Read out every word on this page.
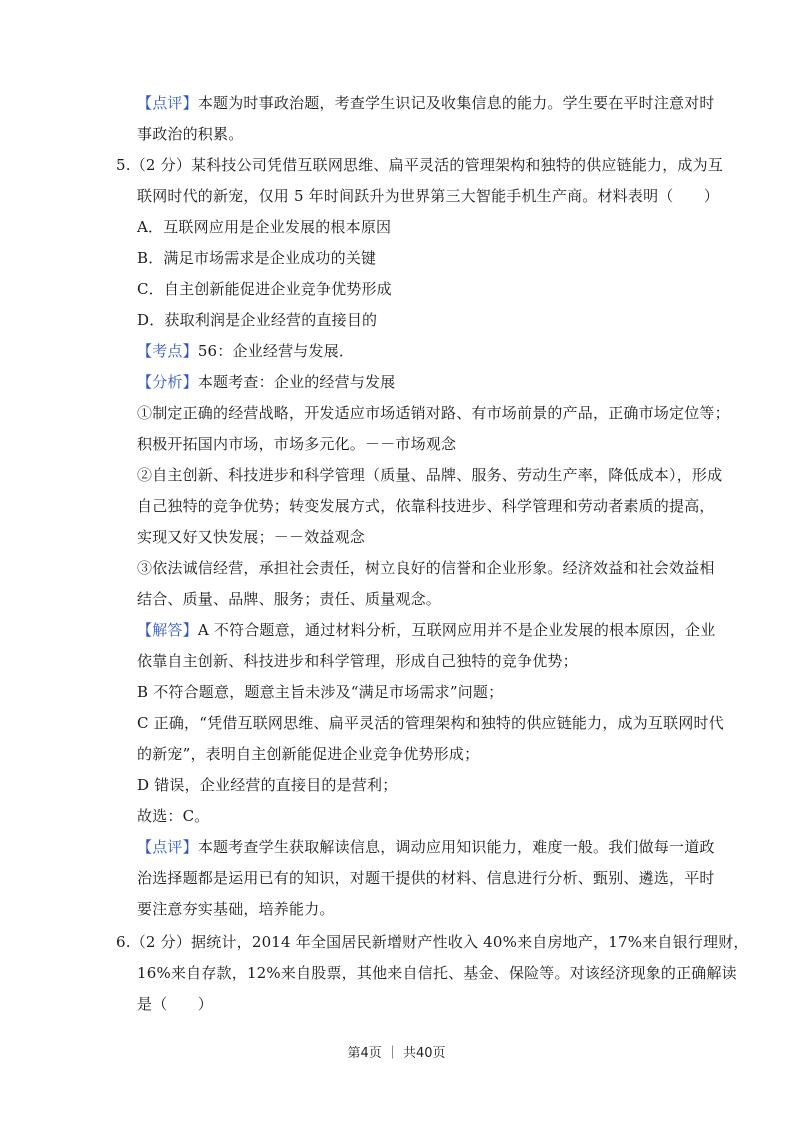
【点评】本题为时事政治题，考查学生识记及收集信息的能力。学生要在平时注意对时
事政治的积累。
5.（2 分）某科技公司凭借互联网思维、扁平灵活的管理架构和独特的供应链能力，成为互
联网时代的新宠，仅用 5 年时间跃升为世界第三大智能手机生产商。材料表明（　　）
A．互联网应用是企业发展的根本原因
B．满足市场需求是企业成功的关键
C．自主创新能促进企业竞争优势形成
D．获取利润是企业经营的直接目的
【考点】56：企业经营与发展．
【分析】本题考查：企业的经营与发展
①制定正确的经营战略，开发适应市场适销对路、有市场前景的产品，正确市场定位等；
积极开拓国内市场，市场多元化。－－市场观念
②自主创新、科技进步和科学管理（质量、品牌、服务、劳动生产率，降低成本），形成
自己独特的竞争优势；转变发展方式，依靠科技进步、科学管理和劳动者素质的提高，
实现又好又快发展；－－效益观念
③依法诚信经营，承担社会责任，树立良好的信誉和企业形象。经济效益和社会效益相
结合、质量、品牌、服务；责任、质量观念。
【解答】A 不符合题意，通过材料分析，互联网应用并不是企业发展的根本原因，企业
依靠自主创新、科技进步和科学管理，形成自己独特的竞争优势；
B 不符合题意，题意主旨未涉及“满足市场需求”问题；
C 正确，“凭借互联网思维、扁平灵活的管理架构和独特的供应链能力，成为互联网时代
的新宠”，表明自主创新能促进企业竞争优势形成；
D 错误，企业经营的直接目的是营利；
故选：C。
【点评】本题考查学生获取解读信息，调动应用知识能力，难度一般。我们做每一道政
治选择题都是运用已有的知识，对题干提供的材料、信息进行分析、甄别、遴选，平时
要注意夯实基础，培养能力。
6.（2 分）据统计，2014 年全国居民新增财产性收入 40%来自房地产，17%来自银行理财，
16%来自存款，12%来自股票，其他来自信托、基金、保险等。对该经济现象的正确解读
是（　　）
第4页 ｜ 共40页
